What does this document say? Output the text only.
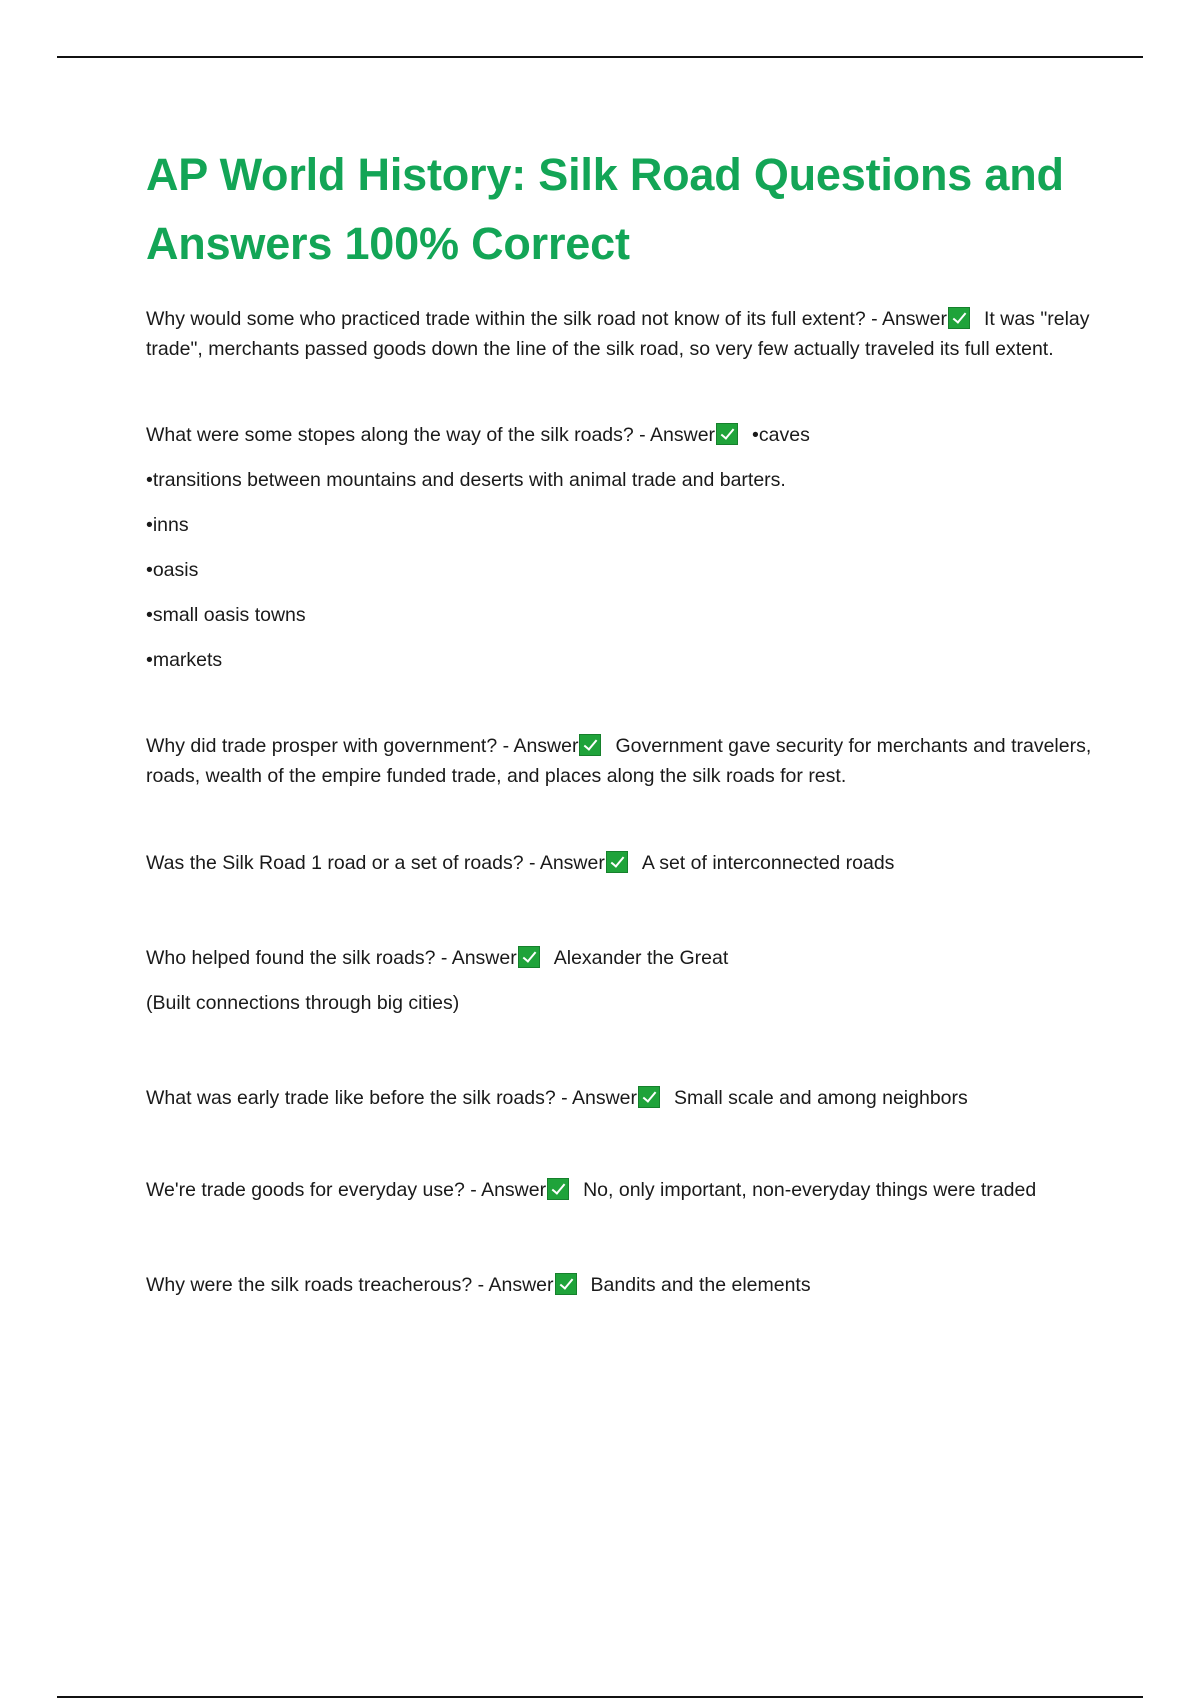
AP World History: Silk Road Questions and Answers 100% Correct

Why would some who practiced trade within the silk road not know of its full extent? - Answer It was "relay trade", merchants passed goods down the line of the silk road, so very few actually traveled its full extent.

What were some stopes along the way of the silk roads? - Answer •caves

•transitions between mountains and deserts with animal trade and barters.

•inns

•oasis

•small oasis towns

•markets

Why did trade prosper with government? - Answer Government gave security for merchants and travelers, roads, wealth of the empire funded trade, and places along the silk roads for rest.

Was the Silk Road 1 road or a set of roads? - Answer A set of interconnected roads

Who helped found the silk roads? - Answer Alexander the Great

(Built connections through big cities)

What was early trade like before the silk roads? - Answer Small scale and among neighbors

We're trade goods for everyday use? - Answer No, only important, non-everyday things were traded

Why were the silk roads treacherous? - Answer Bandits and the elements
